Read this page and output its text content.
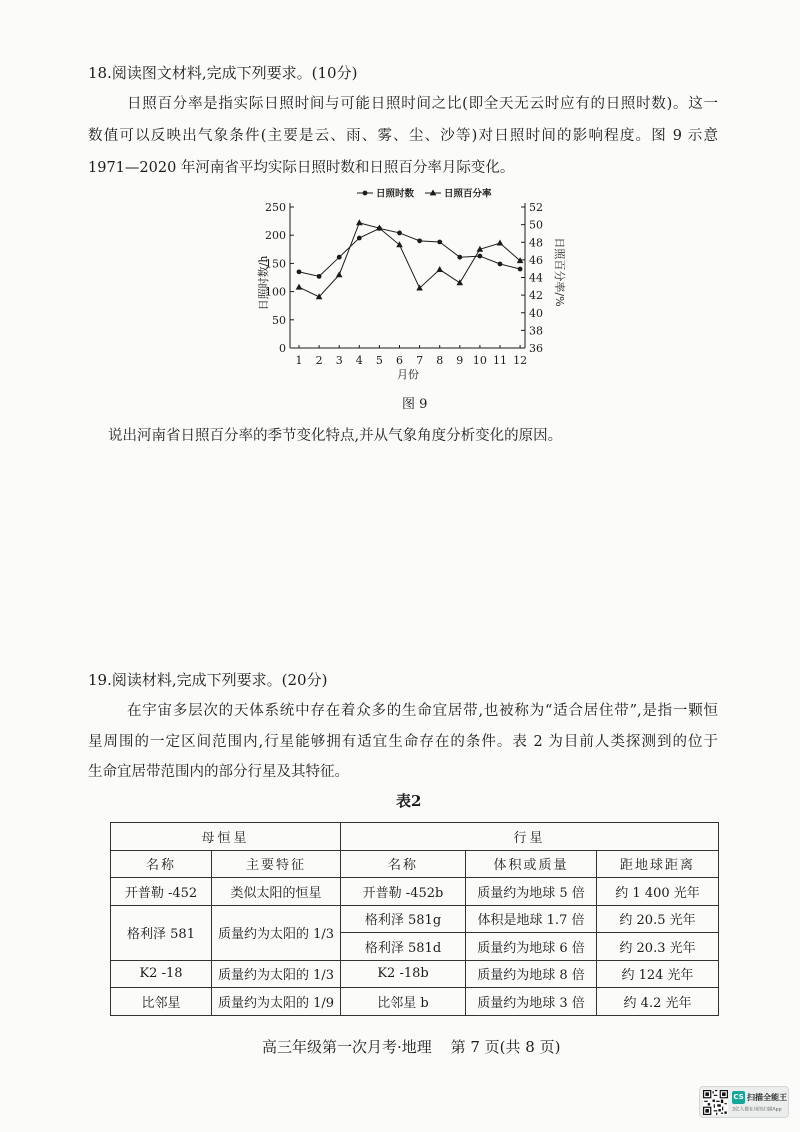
18.阅读图文材料,完成下列要求。(10分)
日照百分率是指实际日照时间与可能日照时间之比(即全天无云时应有的日照时数)。这一
数值可以反映出气象条件(主要是云、雨、雾、尘、沙等)对日照时间的影响程度。图 9 示意
1971—2020 年河南省平均实际日照时数和日照百分率月际变化。
0
50
100
150
200
250
36
38
40
42
44
46
48
50
52
1 2 3 4 5 6 7 8 9 10 11 12
日照时数	日照百分率
日照时数/h	日照百分率/%
月份
图 9
说出河南省日照百分率的季节变化特点,并从气象角度分析变化的原因。
19.阅读材料,完成下列要求。(20分)
在宇宙多层次的天体系统中存在着众多的生命宜居带,也被称为“适合居住带”,是指一颗恒
星周围的一定区间范围内,行星能够拥有适宜生命存在的条件。表 2 为目前人类探测到的位于
生命宜居带范围内的部分行星及其特征。
表2
母恒星		行星		
名称	主要特征	名称	体积或质量	距地球距离
开普勒 -452	类似太阳的恒星	开普勒 -452b	质量约为地球 5 倍	约 1 400 光年
格利泽 581	质量约为太阳的 1/3	格利泽 581g	体积是地球 1.7 倍	约 20.5 光年
		格利泽 581d	质量约为地球 6 倍	约 20.3 光年
K2 -18	质量约为太阳的 1/3	K2 -18b	质量约为地球 8 倍	约 124 光年
比邻星	质量约为太阳的 1/9	比邻星 b	质量约为地球 3 倍	约 4.2 光年
高三年级第一次月考·地理 第 7 页(共 8 页)
CS 扫描全能王
3亿人都在用的扫描App
